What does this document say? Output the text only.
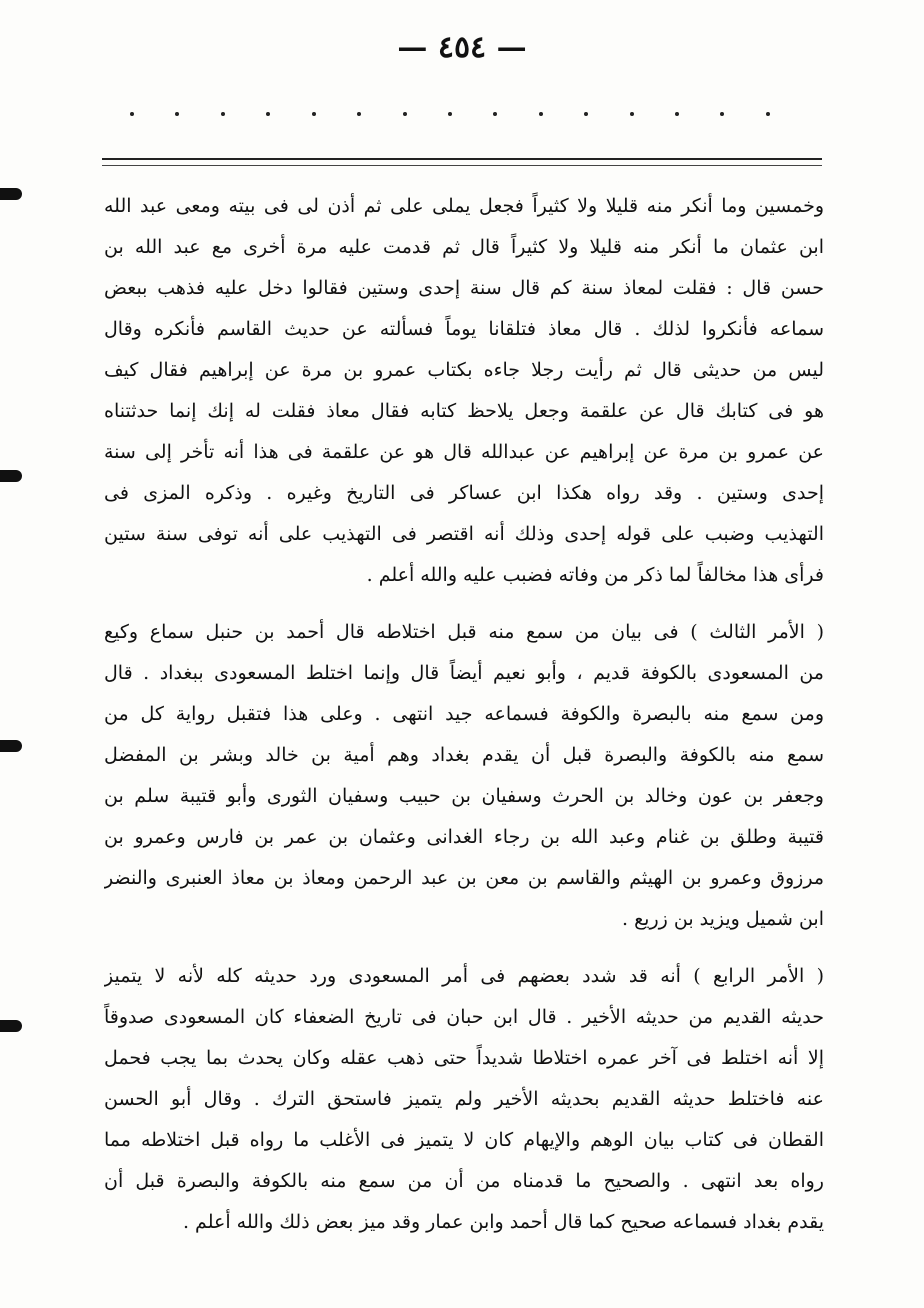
— ٤٥٤ —
وخمسين وما أنكر منه قليلا ولا كثيراً فجعل يملى على ثم أذن لى فى بيته ومعى عبد الله
ابن عثمان ما أنكر منه قليلا ولا كثيراً قال ثم قدمت عليه مرة أخرى مع عبد الله بن
حسن قال : فقلت لمعاذ سنة كم قال سنة إحدى وستين فقالوا دخل عليه فذهب ببعض
سماعه فأنكروا لذلك . قال معاذ فتلقانا يوماً فسألته عن حديث القاسم فأنكره وقال
ليس من حديثى قال ثم رأيت رجلا جاءه بكتاب عمرو بن مرة عن إبراهيم فقال كيف
هو فى كتابك قال عن علقمة وجعل يلاحظ كتابه فقال معاذ فقلت له إنك إنما حدثتناه
عن عمرو بن مرة عن إبراهيم عن عبدالله قال هو عن علقمة فى هذا أنه تأخر إلى سنة
إحدى وستين . وقد رواه هكذا ابن عساكر فى التاريخ وغيره . وذكره المزى فى
التهذيب وضبب على قوله إحدى وذلك أنه اقتصر فى التهذيب على أنه توفى سنة ستين
فرأى هذا مخالفاً لما ذكر من وفاته فضبب عليه والله أعلم .
( الأمر الثالث ) فى بيان من سمع منه قبل اختلاطه قال أحمد بن حنبل سماع وكيع
من المسعودى بالكوفة قديم ، وأبو نعيم أيضاً قال وإنما اختلط المسعودى ببغداد . قال
ومن سمع منه بالبصرة والكوفة فسماعه جيد انتهى . وعلى هذا فتقبل رواية كل من
سمع منه بالكوفة والبصرة قبل أن يقدم بغداد وهم أمية بن خالد وبشر بن المفضل
وجعفر بن عون وخالد بن الحرث وسفيان بن حبيب وسفيان الثورى وأبو قتيبة سلم بن
قتيبة وطلق بن غنام وعبد الله بن رجاء الغدانى وعثمان بن عمر بن فارس وعمرو بن
مرزوق وعمرو بن الهيثم والقاسم بن معن بن عبد الرحمن ومعاذ بن معاذ العنبرى والنضر
ابن شميل ويزيد بن زريع .
( الأمر الرابع ) أنه قد شدد بعضهم فى أمر المسعودى ورد حديثه كله لأنه لا يتميز
حديثه القديم من حديثه الأخير . قال ابن حبان فى تاريخ الضعفاء كان المسعودى صدوقاً
إلا أنه اختلط فى آخر عمره اختلاطا شديداً حتى ذهب عقله وكان يحدث بما يجب فحمل
عنه فاختلط حديثه القديم بحديثه الأخير ولم يتميز فاستحق الترك . وقال أبو الحسن
القطان فى كتاب بيان الوهم والإيهام كان لا يتميز فى الأغلب ما رواه قبل اختلاطه مما
رواه بعد انتهى . والصحيح ما قدمناه من أن من سمع منه بالكوفة والبصرة قبل أن
يقدم بغداد فسماعه صحيح كما قال أحمد وابن عمار وقد ميز بعض ذلك والله أعلم .
